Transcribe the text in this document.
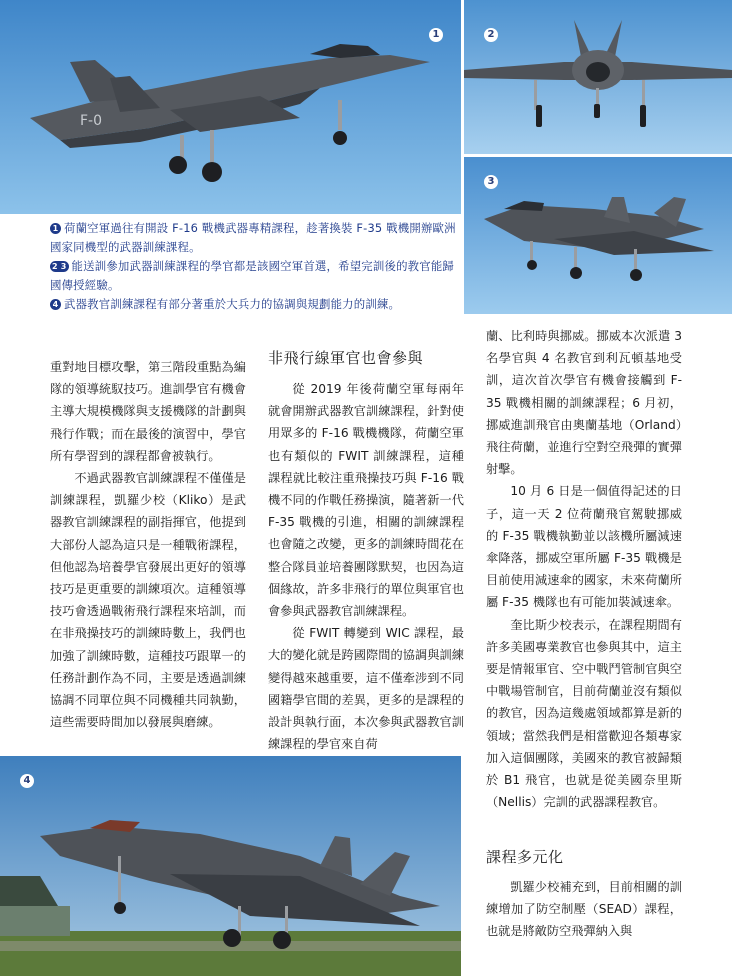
F-0
1	2
3
1 荷蘭空軍過往有開設 F-16 戰機武器專精課程，趁著換裝 F-35 戰機開辦歐洲國家同機型的武器訓練課程。
2 3 能送訓參加武器訓練課程的學官都是該國空軍首選，希望完訓後的教官能歸國傳授經驗。
4 武器教官訓練課程有部分著重於大兵力的協調與規劃能力的訓練。

重對地目標攻擊，第三階段重點為編隊的領導統馭技巧。進訓學官有機會主導大規模機隊與支援機隊的計劃與飛行作戰；而在最後的演習中，學官所有學習到的課程都會被執行。

不過武器教官訓練課程不僅僅是訓練課程，凱羅少校（Kliko）是武器教官訓練課程的副指揮官，他提到大部份人認為這只是一種戰術課程，但他認為培養學官發展出更好的領導技巧是更重要的訓練項次。這種領導技巧會透過戰術飛行課程來培訓，而在非飛操技巧的訓練時數上，我們也加強了訓練時數，這種技巧跟單一的任務計劃作為不同，主要是透過訓練協調不同單位與不同機種共同執勤，這些需要時間加以發展與磨練。

非飛行線軍官也會參與

從 2019 年後荷蘭空軍每兩年就會開辦武器教官訓練課程，針對使用眾多的 F-16 戰機機隊，荷蘭空軍也有類似的 FWIT 訓練課程，這種課程就比較注重飛操技巧與 F-16 戰機不同的作戰任務操演，隨著新一代 F-35 戰機的引進，相關的訓練課程也會隨之改變，更多的訓練時間花在整合隊員並培養團隊默契，也因為這個緣故，許多非飛行的單位與軍官也會參與武器教官訓練課程。

從 FWIT 轉變到 WIC 課程，最大的變化就是跨國際間的協調與訓練變得越來越重要，這不僅牽涉到不同國籍學官間的差異，更多的是課程的設計與執行面，本次參與武器教官訓練課程的學官來自荷

蘭、比利時與挪威。挪威本次派遣 3 名學官與 4 名教官到利瓦頓基地受訓，這次首次學官有機會接觸到 F-35 戰機相關的訓練課程；6 月初，挪威進訓飛官由奧蘭基地（Orland）飛往荷蘭，並進行空對空飛彈的實彈射擊。

10 月 6 日是一個值得記述的日子，這一天 2 位荷蘭飛官駕駛挪威的 F-35 戰機執勤並以該機所屬減速傘降落，挪威空軍所屬 F-35 戰機是目前使用減速傘的國家，未來荷蘭所屬 F-35 機隊也有可能加裝減速傘。

奎比斯少校表示，在課程期間有許多美國專業教官也參與其中，這主要是情報軍官、空中戰鬥管制官與空中戰場管制官，目前荷蘭並沒有類似的教官，因為這幾處領域都算是新的領域；當然我們是相當歡迎各類專家加入這個團隊，美國來的教官被歸類於 B1 飛官，也就是從美國奈里斯（Nellis）完訓的武器課程教官。

課程多元化

凱羅少校補充到，目前相關的訓練增加了防空制壓（SEAD）課程，也就是將敵防空飛彈納入與

4
